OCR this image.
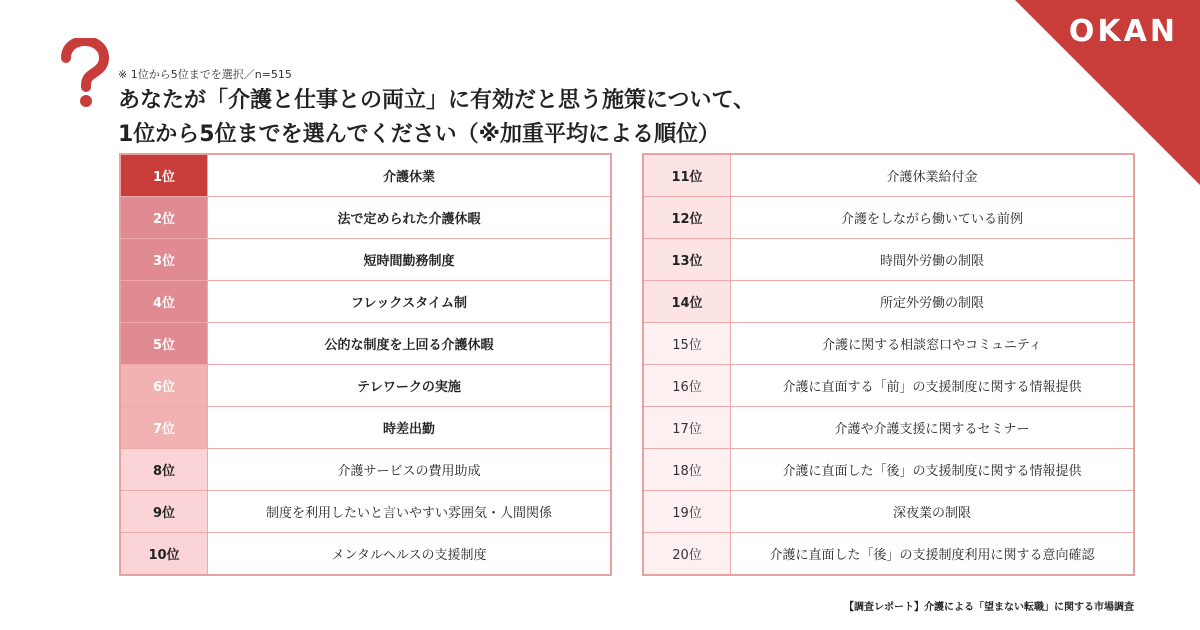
OKAN
※ 1位から5位までを選択／n=515
あなたが「介護と仕事との両立」に有効だと思う施策について、
1位から5位までを選んでください（※加重平均による順位）
1位	介護休業
2位	法で定められた介護休暇
3位	短時間勤務制度
4位	フレックスタイム制
5位	公的な制度を上回る介護休暇
6位	テレワークの実施
7位	時差出勤
8位	介護サービスの費用助成
9位	制度を利用したいと言いやすい雰囲気・人間関係
10位	メンタルヘルスの支援制度
11位	介護休業給付金
12位	介護をしながら働いている前例
13位	時間外労働の制限
14位	所定外労働の制限
15位	介護に関する相談窓口やコミュニティ
16位	介護に直面する「前」の支援制度に関する情報提供
17位	介護や介護支援に関するセミナー
18位	介護に直面した「後」の支援制度に関する情報提供
19位	深夜業の制限
20位	介護に直面した「後」の支援制度利用に関する意向確認
【調査レポート】介護による「望まない転職」に関する市場調査
